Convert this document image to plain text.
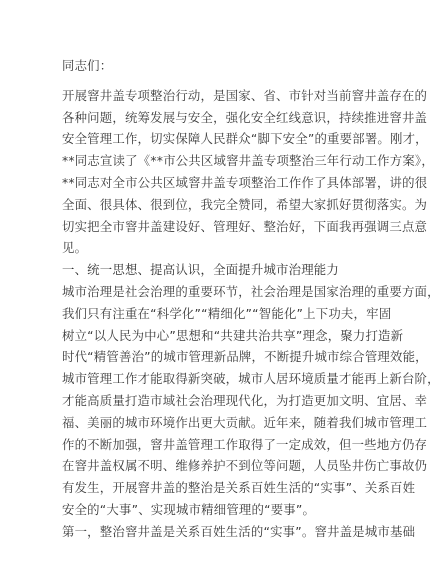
同志们：
开展窨井盖专项整治行动，是国家、省、市针对当前窨井盖存在的
各种问题，统筹发展与安全，强化安全红线意识，持续推进窨井盖
安全管理工作，切实保障人民群众“脚下安全”的重要部署。刚才，
**同志宣读了《**市公共区域窨井盖专项整治三年行动工作方案》，
**同志对全市公共区域窨井盖专项整治工作作了具体部署，讲的很
全面、很具体、很到位，我完全赞同，希望大家抓好贯彻落实。为
切实把全市窨井盖建设好、管理好、整治好，下面我再强调三点意
见。
一、统一思想、提高认识，全面提升城市治理能力
城市治理是社会治理的重要环节，社会治理是国家治理的重要方面，
我们只有注重在“科学化”“精细化”“智能化”上下功夫，牢固
树立“以人民为中心”思想和“共建共治共享”理念，聚力打造新
时代“精管善治”的城市管理新品牌，不断提升城市综合管理效能，
城市管理工作才能取得新突破，城市人居环境质量才能再上新台阶，
才能高质量打造市域社会治理现代化，为打造更加文明、宜居、幸
福、美丽的城市环境作出更大贡献。近年来，随着我们城市管理工
作的不断加强，窨井盖管理工作取得了一定成效，但一些地方仍存
在窨井盖权属不明、维修养护不到位等问题，人员坠井伤亡事故仍
有发生，开展窨井盖的整治是关系百姓生活的“实事”、关系百姓
安全的“大事”、实现城市精细管理的“要事”。
第一，整治窨井盖是关系百姓生活的“实事”。窨井盖是城市基础
